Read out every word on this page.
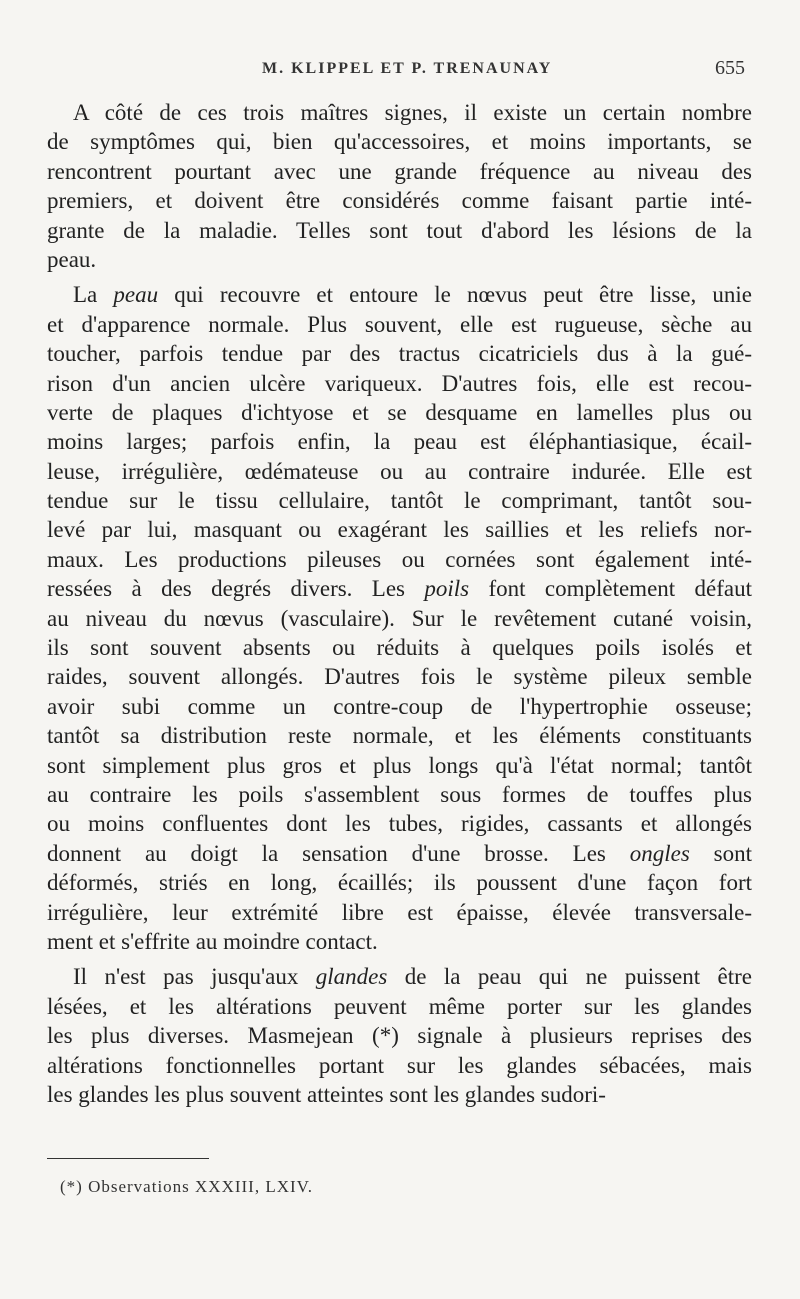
M. KLIPPEL ET P. TRENAUNAY	655
A côté de ces trois maîtres signes, il existe un certain nombre
de symptômes qui, bien qu'accessoires, et moins importants, se
rencontrent pourtant avec une grande fréquence au niveau des
premiers, et doivent être considérés comme faisant partie inté-
grante de la maladie. Telles sont tout d'abord les lésions de la
peau.
La peau qui recouvre et entoure le nœvus peut être lisse, unie
et d'apparence normale. Plus souvent, elle est rugueuse, sèche au
toucher, parfois tendue par des tractus cicatriciels dus à la gué-
rison d'un ancien ulcère variqueux. D'autres fois, elle est recou-
verte de plaques d'ichtyose et se desquame en lamelles plus ou
moins larges; parfois enfin, la peau est éléphantiasique, écail-
leuse, irrégulière, œdémateuse ou au contraire indurée. Elle est
tendue sur le tissu cellulaire, tantôt le comprimant, tantôt sou-
levé par lui, masquant ou exagérant les saillies et les reliefs nor-
maux. Les productions pileuses ou cornées sont également inté-
ressées à des degrés divers. Les poils font complètement défaut
au niveau du nœvus (vasculaire). Sur le revêtement cutané voisin,
ils sont souvent absents ou réduits à quelques poils isolés et
raides, souvent allongés. D'autres fois le système pileux semble
avoir subi comme un contre-coup de l'hypertrophie osseuse;
tantôt sa distribution reste normale, et les éléments constituants
sont simplement plus gros et plus longs qu'à l'état normal; tantôt
au contraire les poils s'assemblent sous formes de touffes plus
ou moins confluentes dont les tubes, rigides, cassants et allongés
donnent au doigt la sensation d'une brosse. Les ongles sont
déformés, striés en long, écaillés; ils poussent d'une façon fort
irrégulière, leur extrémité libre est épaisse, élevée transversale-
ment et s'effrite au moindre contact.
Il n'est pas jusqu'aux glandes de la peau qui ne puissent être
lésées, et les altérations peuvent même porter sur les glandes
les plus diverses. Masmejean (*) signale à plusieurs reprises des
altérations fonctionnelles portant sur les glandes sébacées, mais
les glandes les plus souvent atteintes sont les glandes sudori-
(*) Observations XXXIII, LXIV.
